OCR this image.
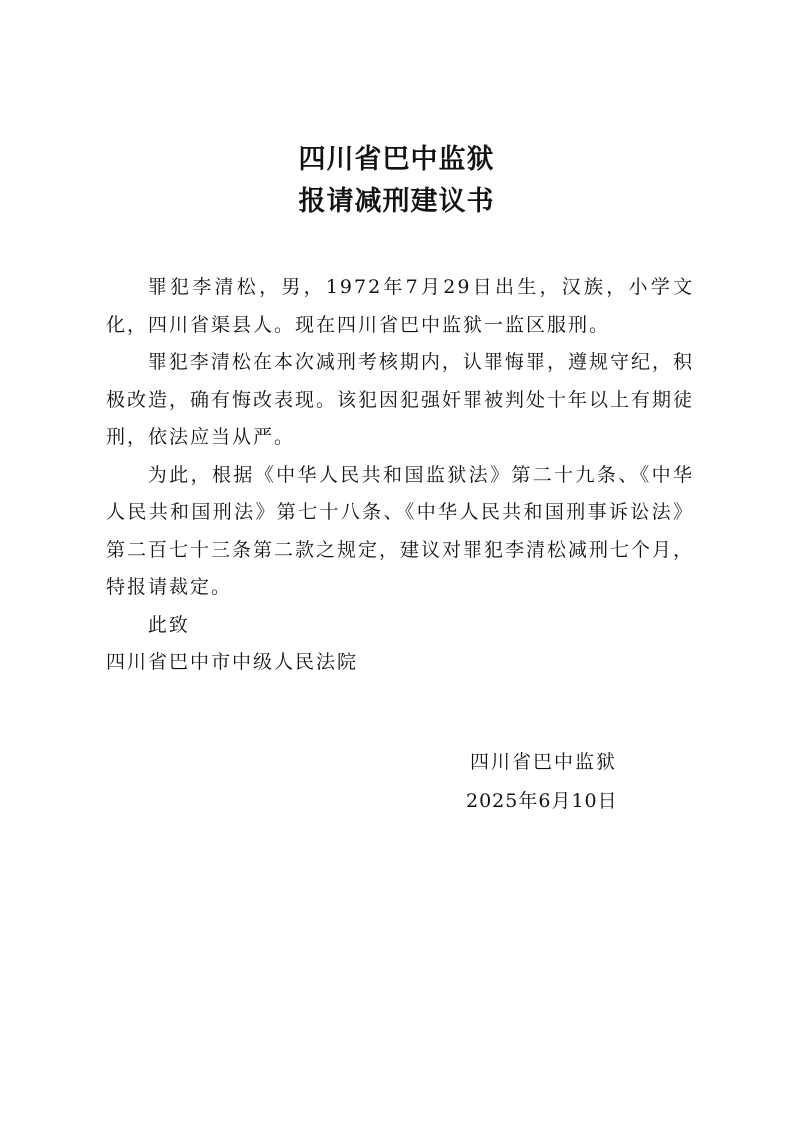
四川省巴中监狱
报请减刑建议书

罪犯李清松，男，1972年7月29日出生，汉族，小学文化，四川省渠县人。现在四川省巴中监狱一监区服刑。

罪犯李清松在本次减刑考核期内，认罪悔罪，遵规守纪，积极改造，确有悔改表现。该犯因犯强奸罪被判处十年以上有期徒刑，依法应当从严。

为此，根据《中华人民共和国监狱法》第二十九条、《中华人民共和国刑法》第七十八条、《中华人民共和国刑事诉讼法》第二百七十三条第二款之规定，建议对罪犯李清松减刑七个月，特报请裁定。

此致

四川省巴中市中级人民法院

四川省巴中监狱
2025年6月10日
